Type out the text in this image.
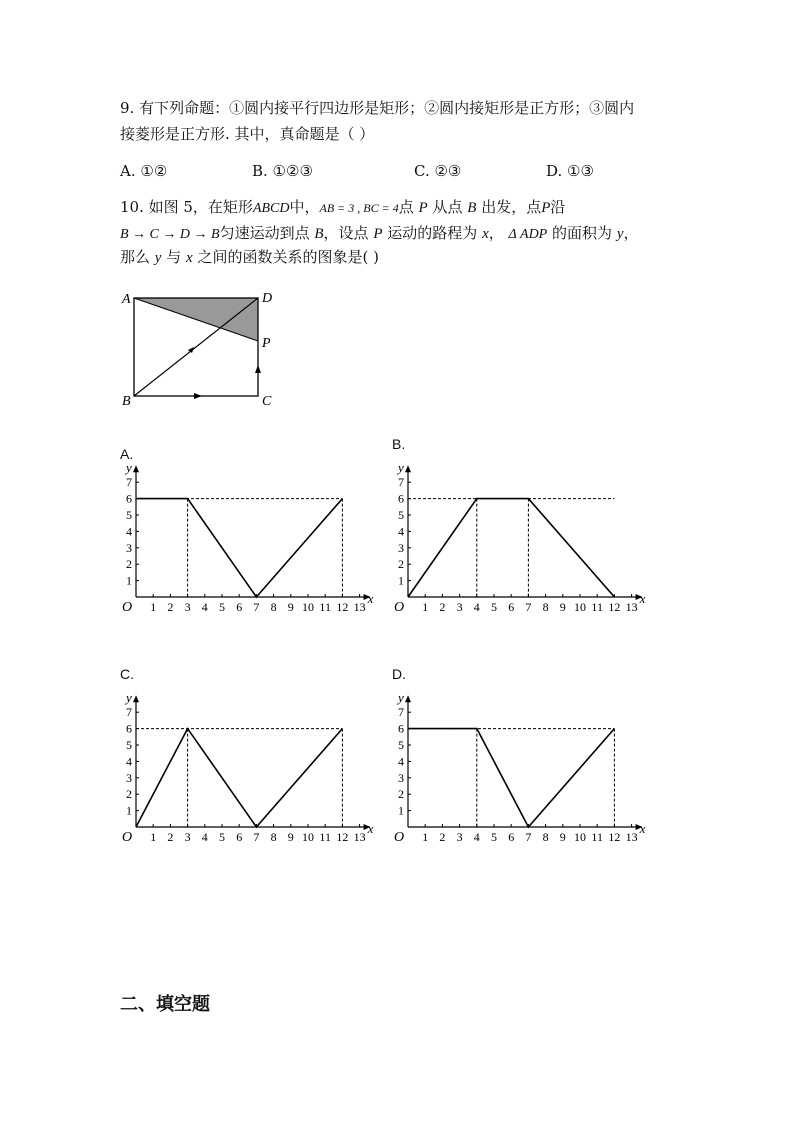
9. 有下列命题：①圆内接平行四边形是矩形；②圆内接矩形是正方形；③圆内
接菱形是正方形. 其中，真命题是（ ）
A. ①②	B. ①②③	C. ②③	D. ①③
10. 如图 5，在矩形ABCD中，AB = 3 , BC = 4点 P 从点 B 出发，点P沿
B → C → D → B匀速运动到点 B，设点 P 运动的路程为 x， Δ ADP 的面积为 y，
那么 y 与 x 之间的函数关系的图象是( )
A	D
P
B	C
A.
B.
C.	D.
1 2 3 4 5 6 7 8 9 10 11 12 13
1
2
3
4
5
6
7
O
x
y
1 2 3 4 5 6 7 8 9 10 11 12 13
1
2
3
4
5
6
7
O
x
y
1 2 3 4 5 6 7 8 9 10 11 12 13
1
2
3
4
5
6
7
O
x
y
1 2 3 4 5 6 7 8 9 10 11 12 13
1
2
3
4
5
6
7
O
x
y
二、填空题
